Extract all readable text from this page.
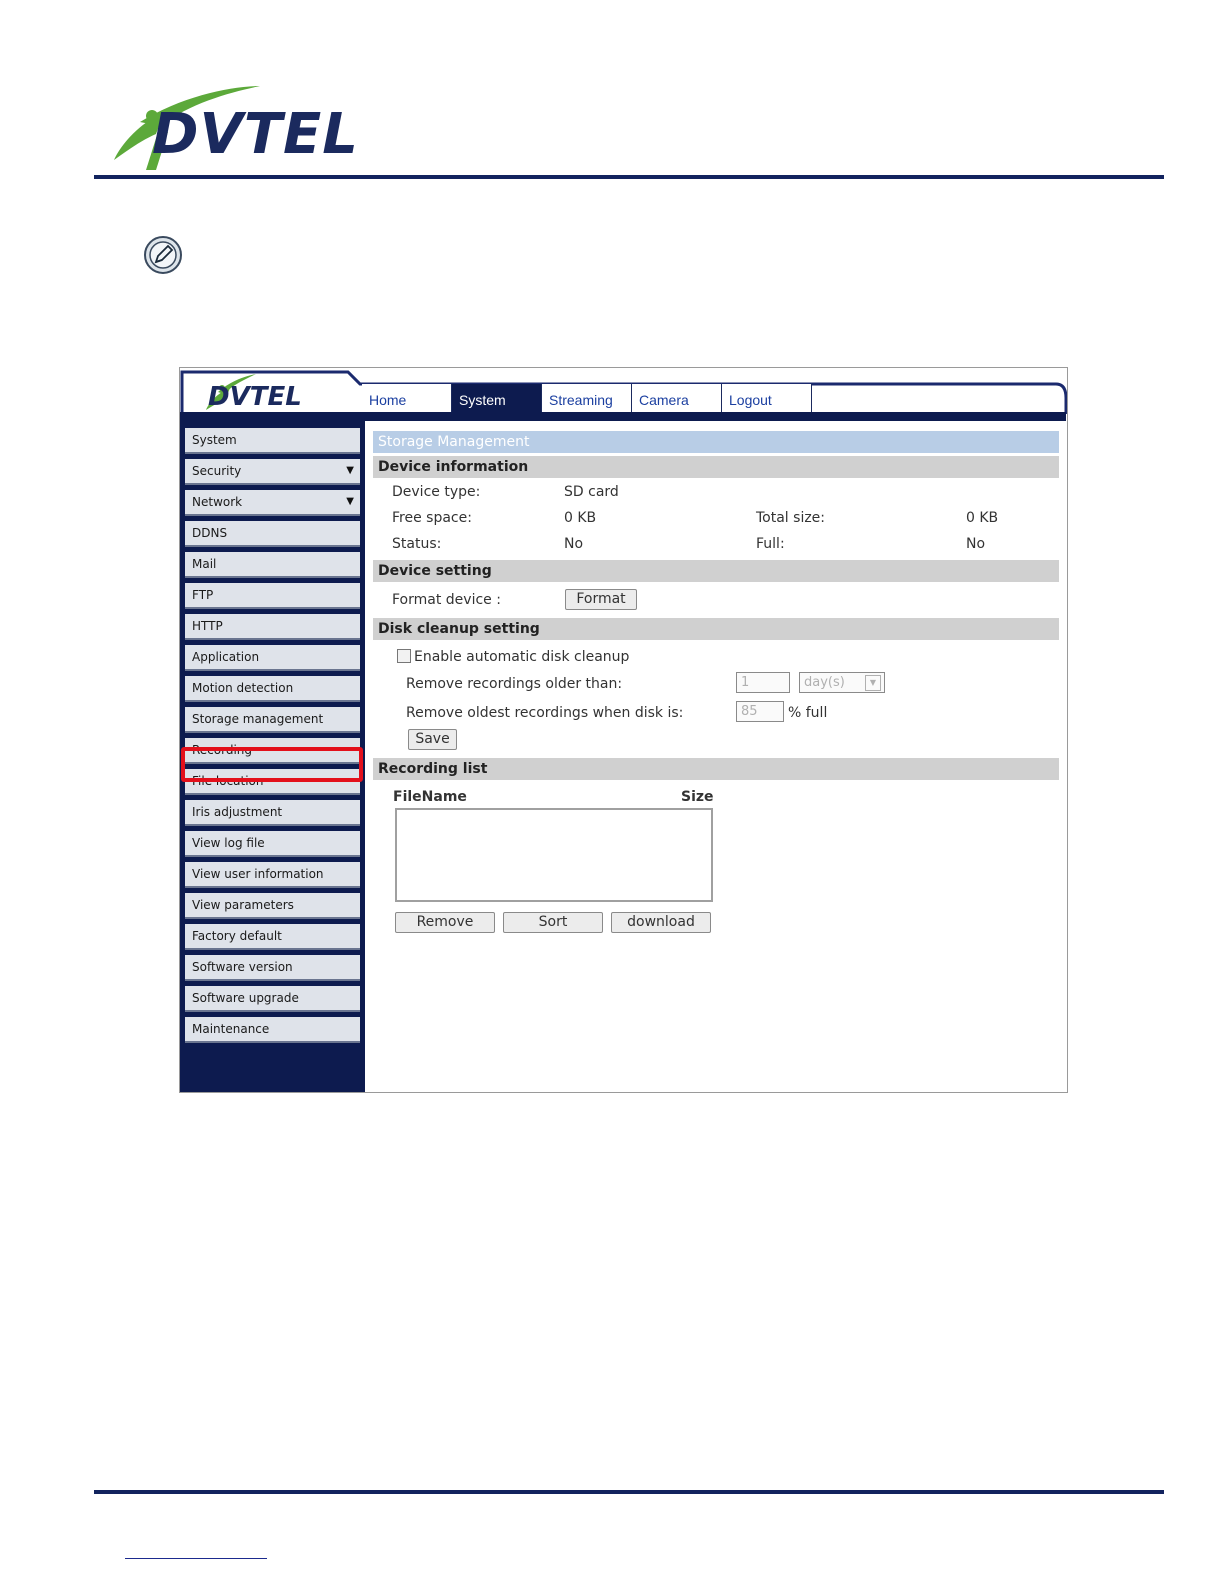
DVTEL
DVTEL	Home	System	Streaming	Camera	Logout
System
Security	▼
Network	▼
DDNS
Mail
FTP
HTTP
Application
Motion detection
Storage management
Recording
File location
Iris adjustment
View log file
View user information
View parameters
Factory default
Software version
Software upgrade
Maintenance
Storage Management
Device information
Device type:	SD card
Free space:	0 KB	Total size:	0 KB
Status:	No	Full:	No
Device setting
Format device :	Format
Disk cleanup setting
Enable automatic disk cleanup
Remove recordings older than:	1	day(s)	▼
Remove oldest recordings when disk is:	85	% full
Save
Recording list
FileName	Size
Remove	Sort	download
